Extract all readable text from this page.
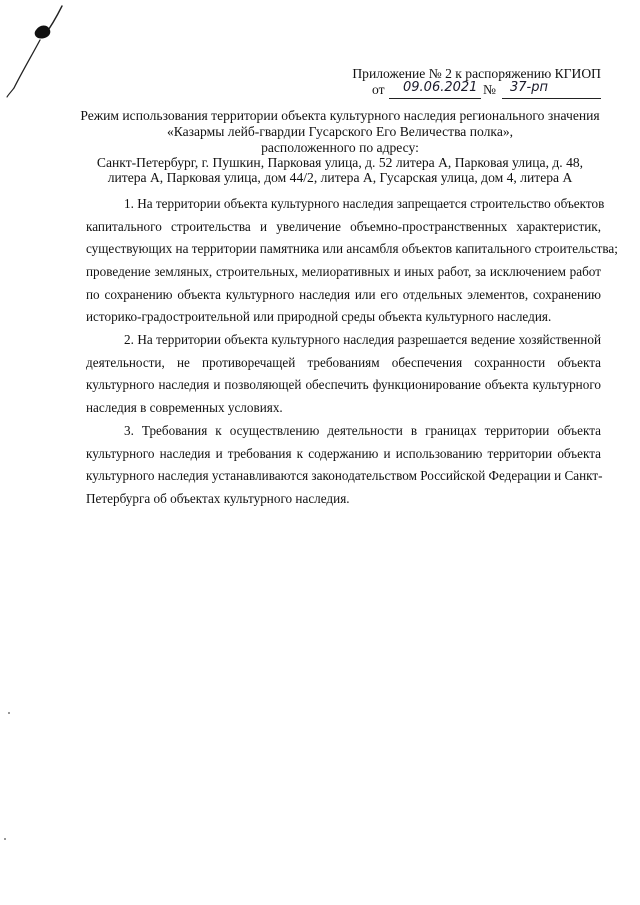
Приложение № 2 к распоряжению КГИОП
от 09.06.2021 № 37-рп
Режим использования территории объекта культурного наследия регионального значения
«Казармы лейб-гвардии Гусарского Его Величества полка»,
расположенного по адресу:
Санкт-Петербург, г. Пушкин, Парковая улица, д. 52 литера А, Парковая улица, д. 48,
литера А, Парковая улица, дом 44/2, литера А, Гусарская улица, дом 4, литера А
1. На территории объекта культурного наследия запрещается строительство объектов
капитального строительства и увеличение объемно-пространственных характеристик,
существующих на территории памятника или ансамбля объектов капитального строительства;
проведение земляных, строительных, мелиоративных и иных работ, за исключением работ
по сохранению объекта культурного наследия или его отдельных элементов, сохранению
историко-градостроительной или природной среды объекта культурного наследия.
2. На территории объекта культурного наследия разрешается ведение хозяйственной
деятельности, не противоречащей требованиям обеспечения сохранности объекта
культурного наследия и позволяющей обеспечить функционирование объекта культурного
наследия в современных условиях.
3. Требования к осуществлению деятельности в границах территории объекта
культурного наследия и требования к содержанию и использованию территории объекта
культурного наследия устанавливаются законодательством Российской Федерации и Санкт-
Петербурга об объектах культурного наследия.
